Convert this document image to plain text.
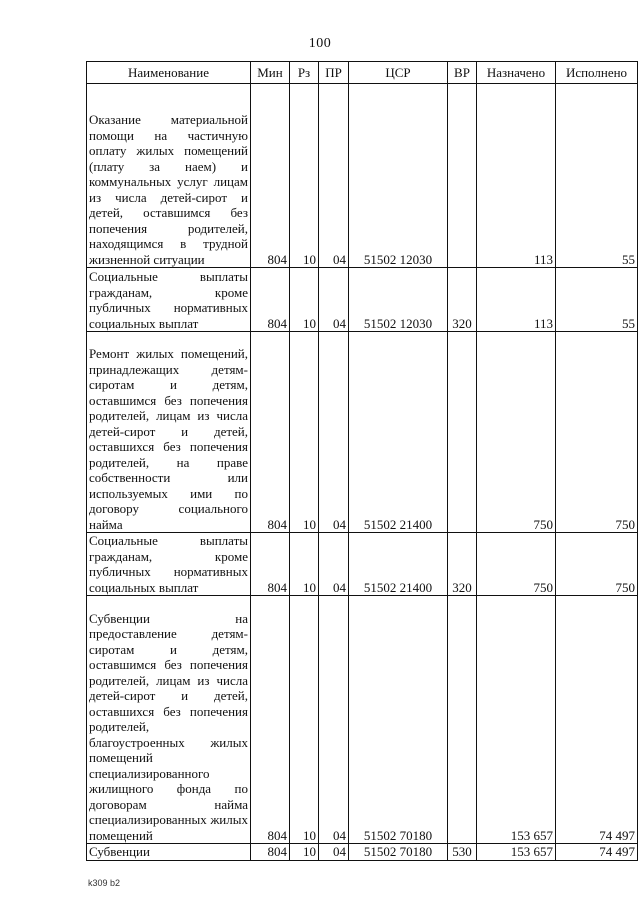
100
Наименование	Мин	Рз	ПР	ЦСР	ВР	Назначено	Исполнено

Оказание материальной помощи на частичную оплату жилых помещений (плату за наем) и коммунальных услуг лицам из числа детей-сирот и детей, оставшимся без попечения родителей, находящимся в трудной жизненной ситуации	804	10	04	51502 12030		113	55

Социальные выплаты гражданам, кроме публичных нормативных социальных выплат	804	10	04	51502 12030	320	113	55

Ремонт жилых помещений, принадлежащих детям-сиротам и детям, оставшимся без попечения родителей, лицам из числа детей-сирот и детей, оставшихся без попечения родителей, на праве собственности или используемых ими по договору социального найма	804	10	04	51502 21400		750	750

Социальные выплаты гражданам, кроме публичных нормативных социальных выплат	804	10	04	51502 21400	320	750	750

Субвенции на предоставление детям-сиротам и детям, оставшимся без попечения родителей, лицам из числа детей-сирот и детей, оставшихся без попечения родителей, благоустроенных жилых помещений специализированного жилищного фонда по договорам найма специализированных жилых помещений	804	10	04	51502 70180		153 657	74 497

Субвенции	804	10	04	51502 70180	530	153 657	74 497
k309 b2
